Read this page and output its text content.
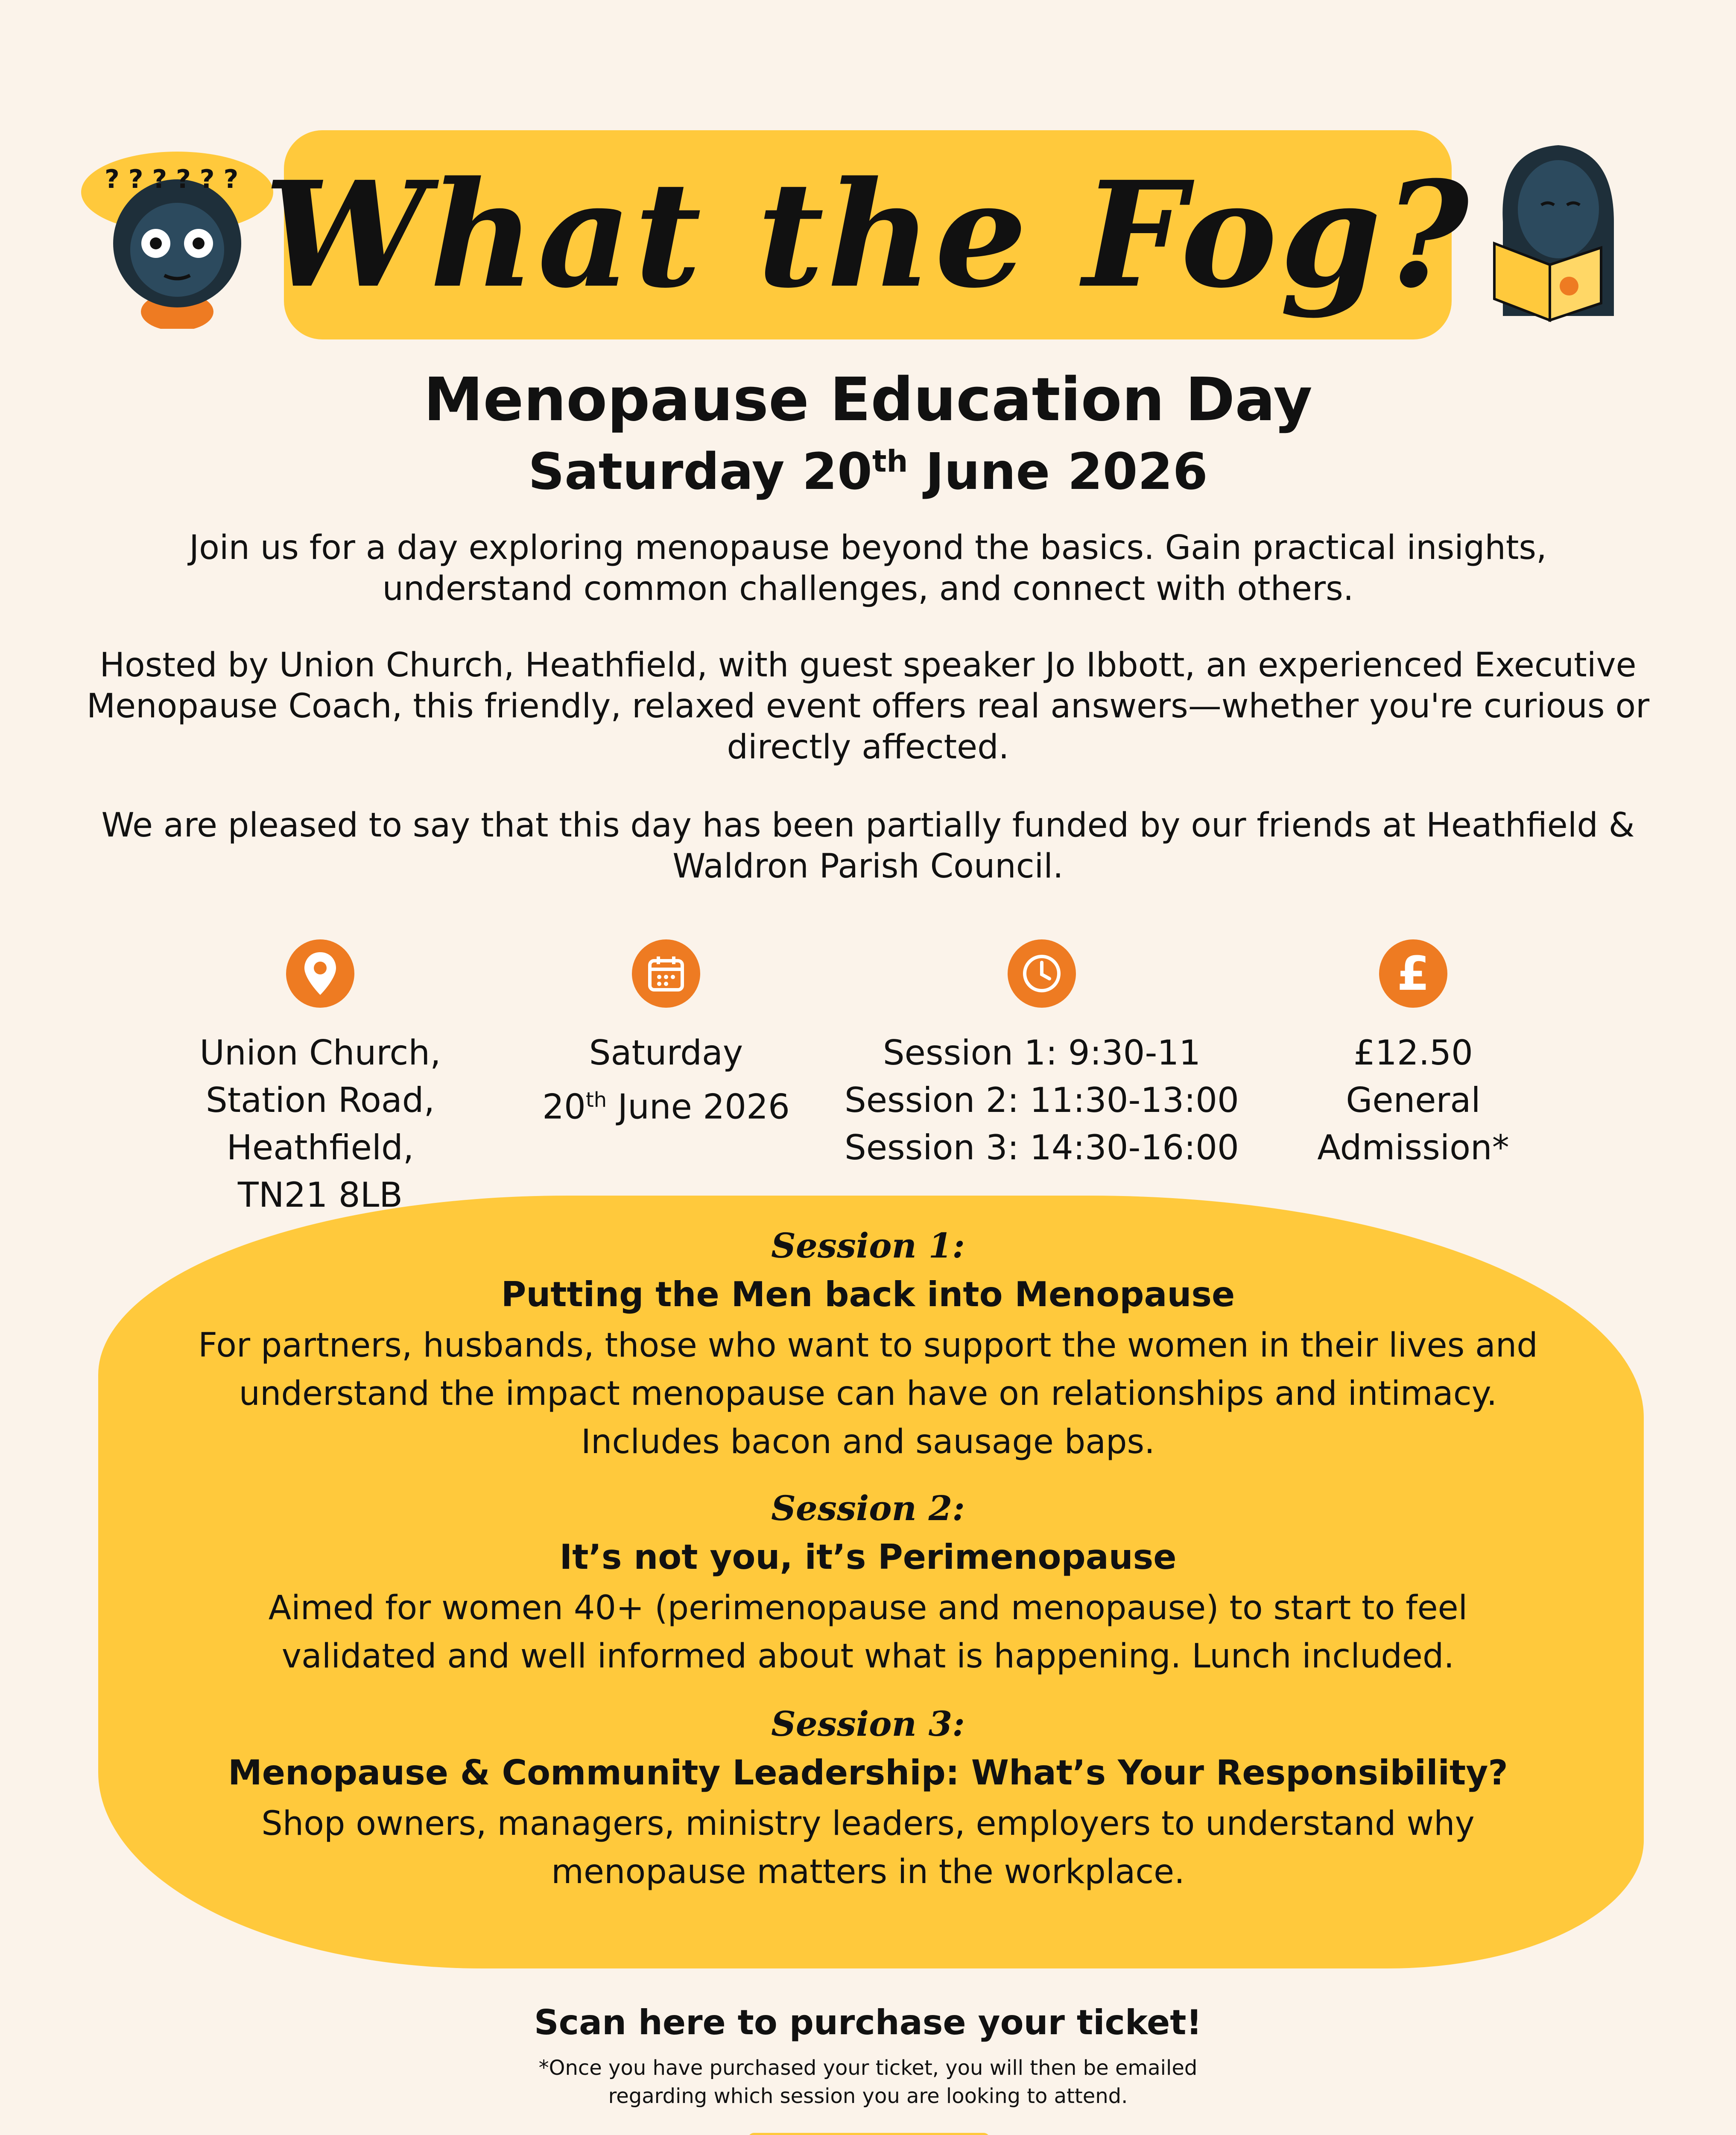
? ? ? ? ? ? What the Fog?
Menopause Education Day
Saturday 20th June 2026
Join us for a day exploring menopause beyond the basics. Gain practical insights,
understand common challenges, and connect with others.
Hosted by Union Church, Heathfield, with guest speaker Jo Ibbott, an experienced Executive
Menopause Coach, this friendly, relaxed event offers real answers—whether you're curious or
directly affected.
We are pleased to say that this day has been partially funded by our friends at Heathfield &
Waldron Parish Council.
Union Church,
Station Road,
Heathfield,
TN21 8LB
Saturday
20th June 2026
Session 1: 9:30-11
Session 2: 11:30-13:00
Session 3: 14:30-16:00
£
£12.50
General
Admission*
Session 1:
Putting the Men back into Menopause
For partners, husbands, those who want to support the women in their lives and
understand the impact menopause can have on relationships and intimacy.
Includes bacon and sausage baps.
Session 2:
It’s not you, it’s Perimenopause
Aimed for women 40+ (perimenopause and menopause) to start to feel
validated and well informed about what is happening. Lunch included.
Session 3:
Menopause & Community Leadership: What’s Your Responsibility?
Shop owners, managers, ministry leaders, employers to understand why
menopause matters in the workplace.
Scan here to purchase your ticket!
*Once you have purchased your ticket, you will then be emailed
regarding which session you are looking to attend.
